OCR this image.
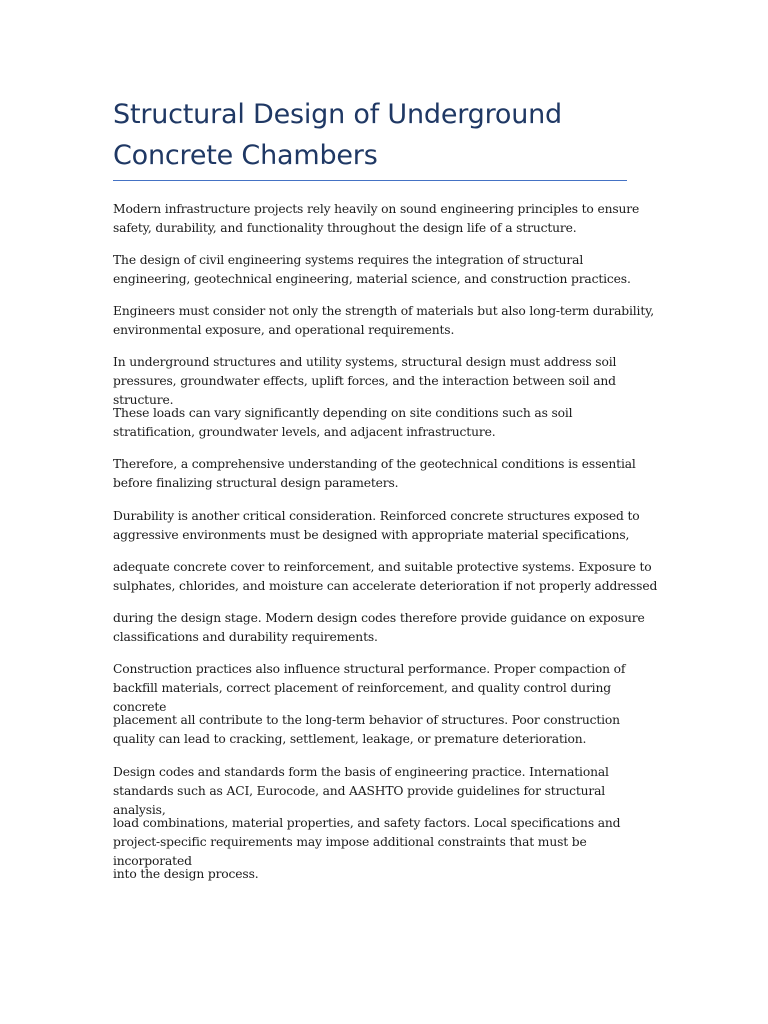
Structural Design of Underground Concrete Chambers

Modern infrastructure projects rely heavily on sound engineering principles to ensure safety, durability, and functionality throughout the design life of a structure.

The design of civil engineering systems requires the integration of structural engineering, geotechnical engineering, material science, and construction practices.

Engineers must consider not only the strength of materials but also long-term durability, environmental exposure, and operational requirements.

In underground structures and utility systems, structural design must address soil pressures, groundwater effects, uplift forces, and the interaction between soil and structure.

These loads can vary significantly depending on site conditions such as soil stratification, groundwater levels, and adjacent infrastructure.

Therefore, a comprehensive understanding of the geotechnical conditions is essential before finalizing structural design parameters.

Durability is another critical consideration. Reinforced concrete structures exposed to aggressive environments must be designed with appropriate material specifications,

adequate concrete cover to reinforcement, and suitable protective systems. Exposure to sulphates, chlorides, and moisture can accelerate deterioration if not properly addressed

during the design stage. Modern design codes therefore provide guidance on exposure classifications and durability requirements.

Construction practices also influence structural performance. Proper compaction of backfill materials, correct placement of reinforcement, and quality control during concrete

placement all contribute to the long-term behavior of structures. Poor construction quality can lead to cracking, settlement, leakage, or premature deterioration.

Design codes and standards form the basis of engineering practice. International standards such as ACI, Eurocode, and AASHTO provide guidelines for structural analysis,

load combinations, material properties, and safety factors. Local specifications and project-specific requirements may impose additional constraints that must be incorporated

into the design process.
